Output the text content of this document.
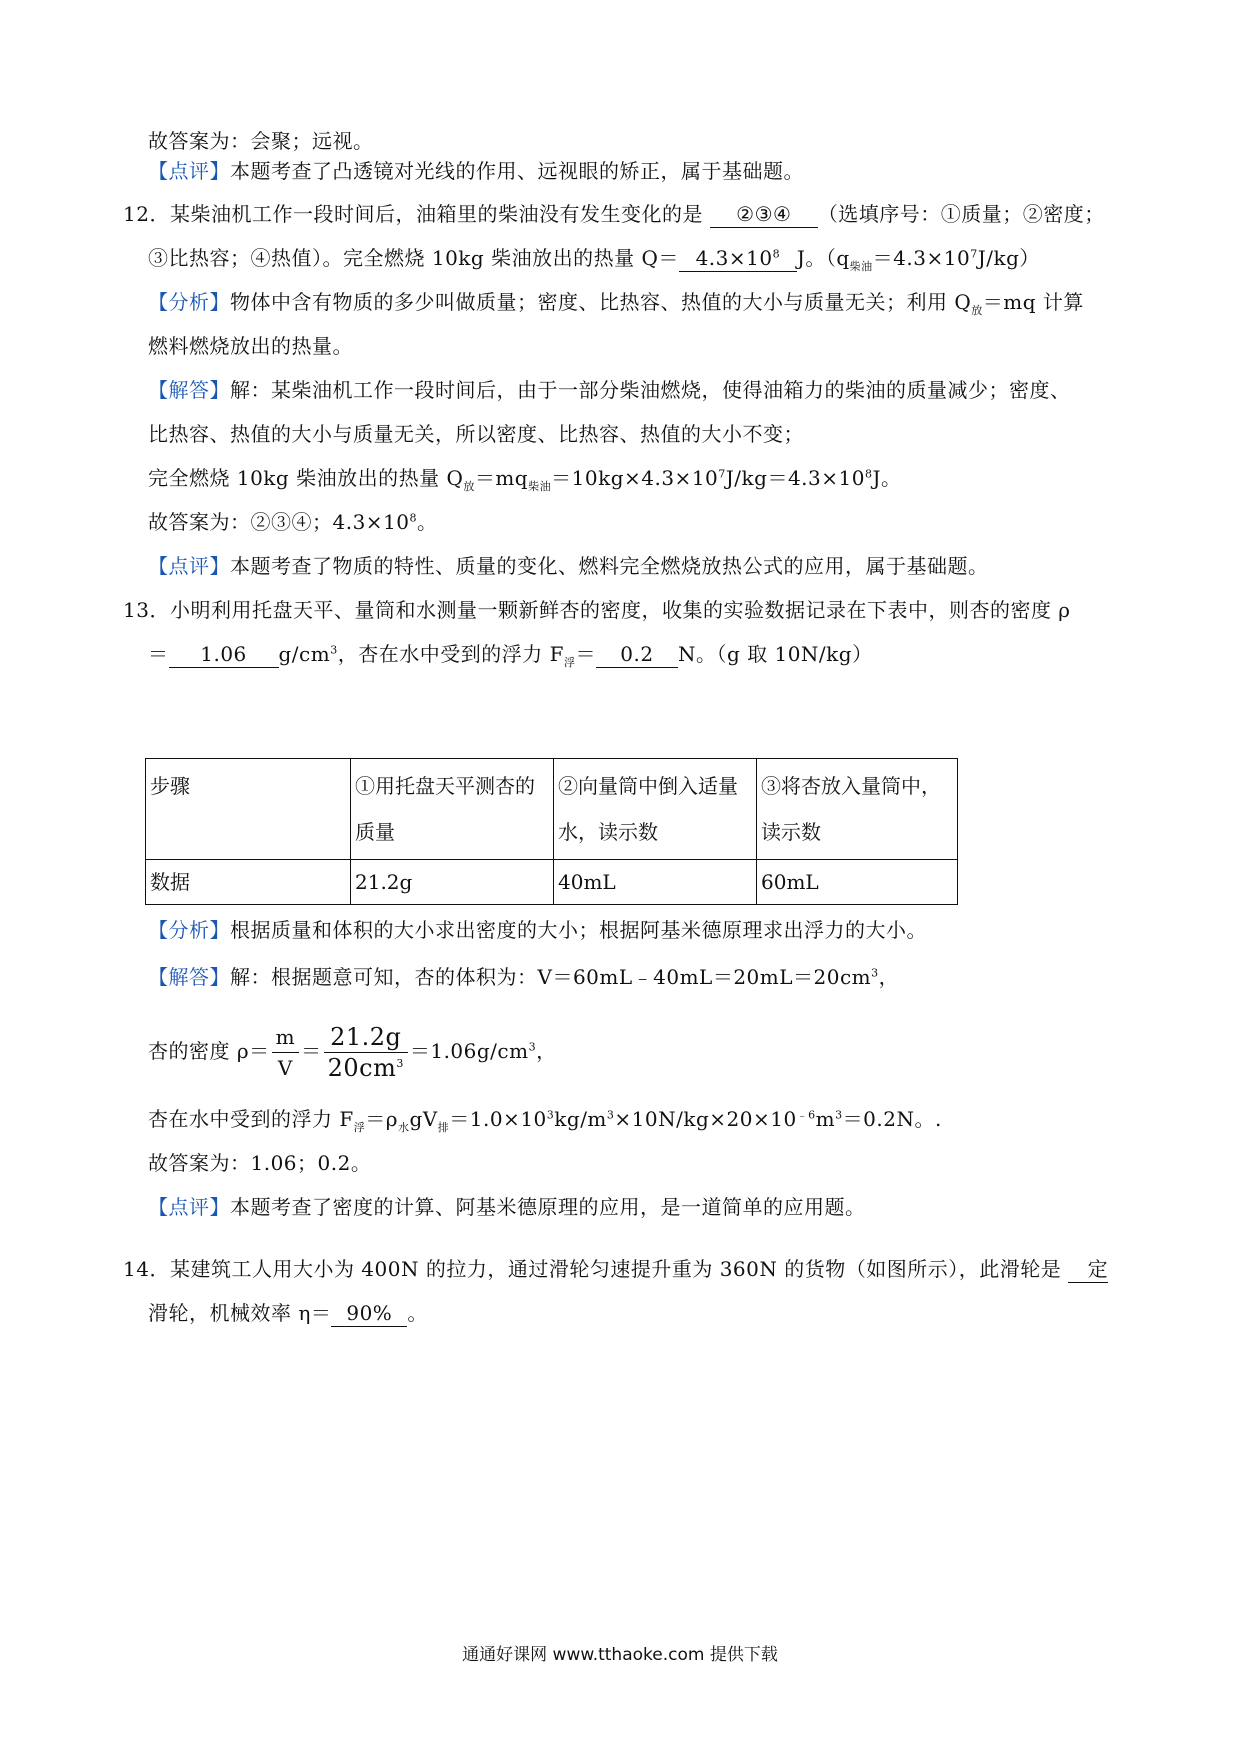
故答案为：会聚；远视。
【点评】本题考查了凸透镜对光线的作用、远视眼的矫正，属于基础题。
12．某柴油机工作一段时间后，油箱里的柴油没有发生变化的是 ②③④ （选填序号：①质量；②密度；
③比热容；④热值）。完全燃烧 10kg 柴油放出的热量 $Q= 4.3\times 10^8$ J。$(q_{柴油}=4.3\times 10^7J/kg)$
【分析】物体中含有物质的多少叫做质量；密度、比热容、热值的大小与质量无关；利用 $Q_放=mq$ 计算
燃料燃烧放出的热量。
【解答】解：某柴油机工作一段时间后，由于一部分柴油燃烧，使得油箱力的柴油的质量减少；密度、
比热容、热值的大小与质量无关，所以密度、比热容、热值的大小不变；
完全燃烧 10kg 柴油放出的热量 $Q_放=mq_{柴油}=10kg\times 4.3\times 10^7J/kg=4.3\times 10^8J$。
故答案为：②③④；$4.3\times 10^8$。
【点评】本题考查了物质的特性、质量的变化、燃料完全燃烧放热公式的应用，属于基础题。
13．小明利用托盘天平、量筒和水测量一颗新鲜杏的密度，收集的实验数据记录在下表中，则杏的密度 ρ
＝ 1.06 $g/cm^3$，杏在水中受到的浮力 $F_浮= 0.2$ N。（g 取 10N/kg）
步骤	①用托盘天平测杏的质量	②向量筒中倒入适量水，读示数	③将杏放入量筒中，读示数
数据	21.2g	40mL	60mL
【分析】根据质量和体积的大小求出密度的大小；根据阿基米德原理求出浮力的大小。
【解答】解：根据题意可知，杏的体积为：$V=60mL﹣40mL=20mL=20cm^3$，
杏的密度 $\rho= \frac{m}{V} = \frac{21.2g}{20cm^3} =1.06g/cm^3$，
杏在水中受到的浮力 $F_浮=\rho_水gV_排=1.0\times 10^3kg/m^3\times 10N/kg\times 20\times 10^{﹣6}m^3=0.2N$。.
故答案为：1.06；0.2。
【点评】本题考查了密度的计算、阿基米德原理的应用，是一道简单的应用题。
14．某建筑工人用大小为 400N 的拉力，通过滑轮匀速提升重为 360N 的货物（如图所示），此滑轮是 定
滑轮，机械效率 η＝ 90% 。
通通好课网 www.tthaoke.com 提供下载
